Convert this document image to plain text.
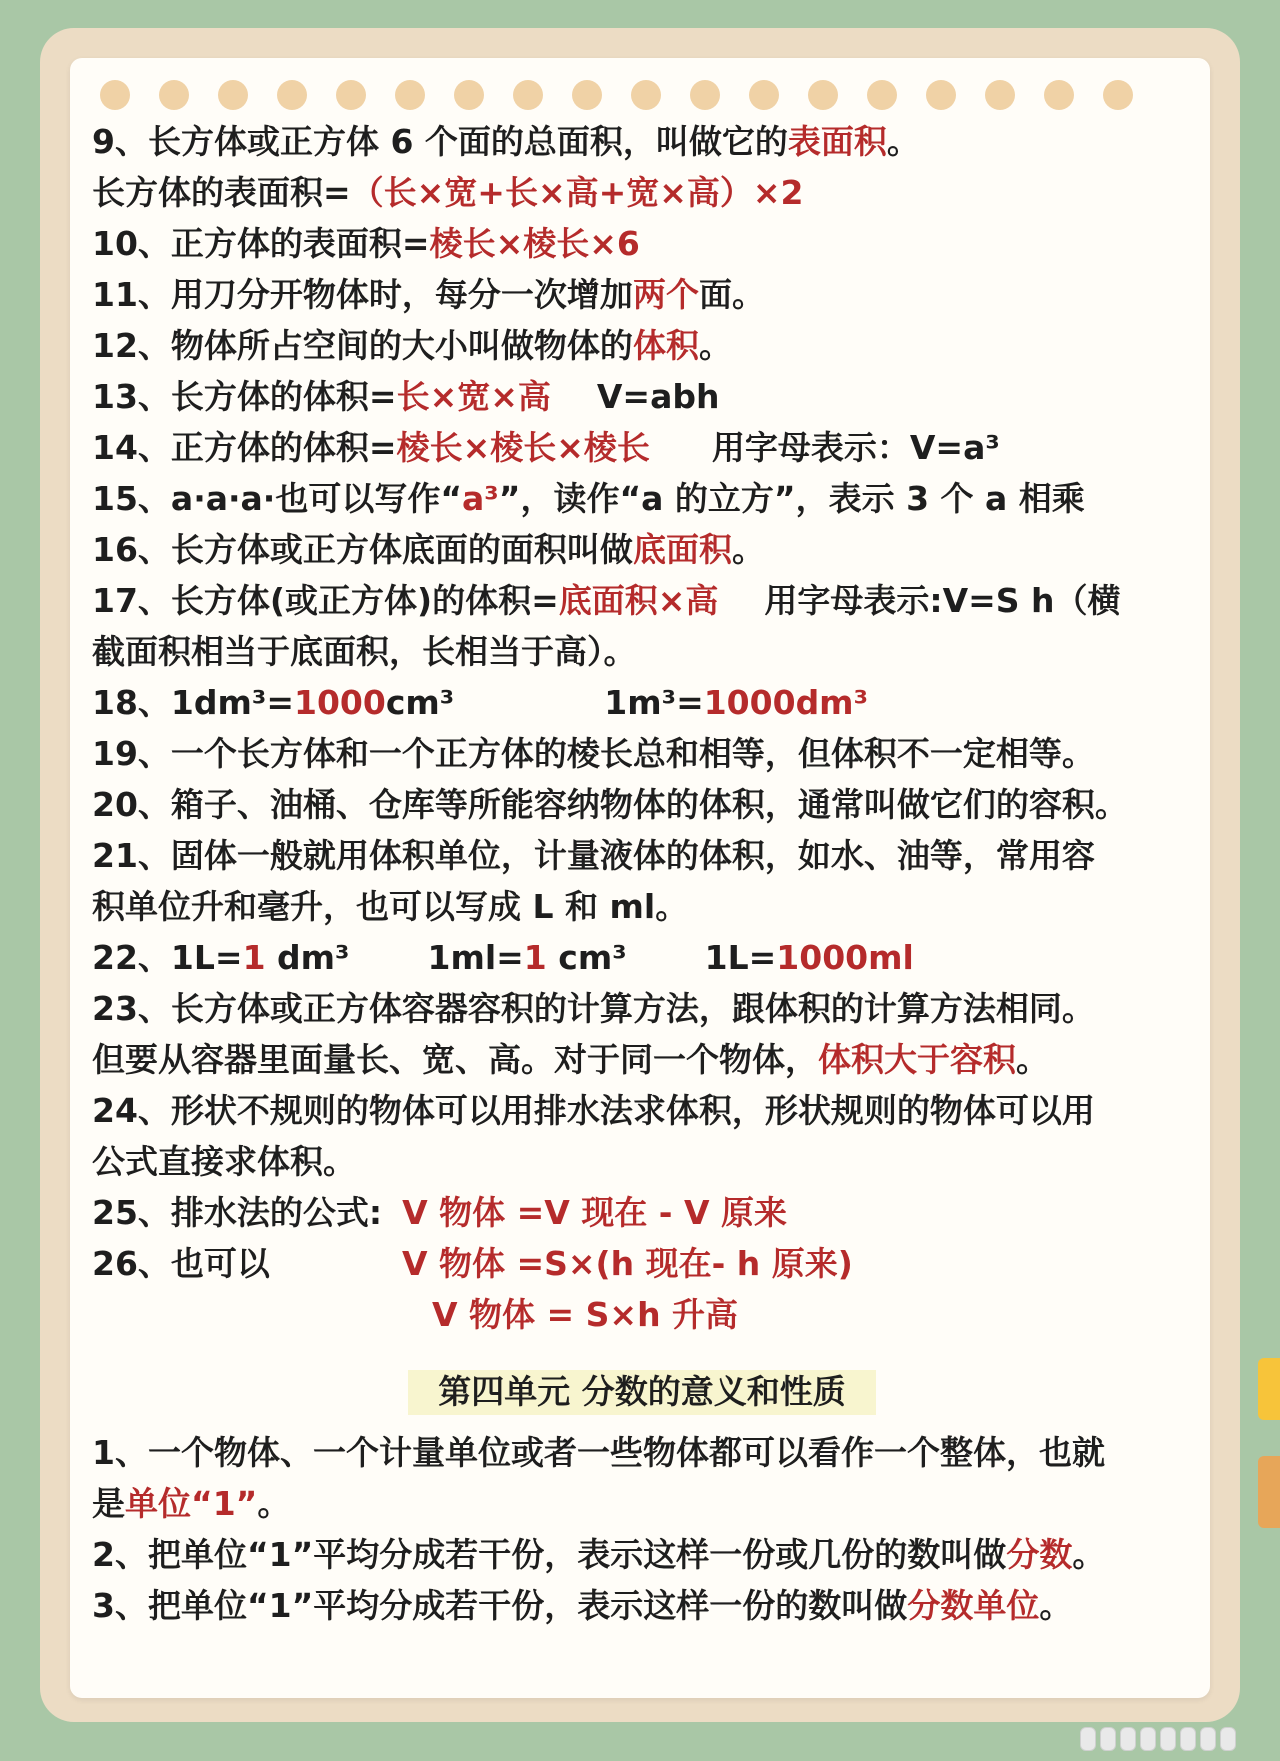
9、长方体或正方体 6 个面的总面积，叫做它的表面积。
长方体的表面积=（长×宽+长×高+宽×高）×2
10、正方体的表面积=棱长×棱长×6
11、用刀分开物体时，每分一次增加两个面。
12、物体所占空间的大小叫做物体的体积。
13、长方体的体积=长×宽×高 V=abh
14、正方体的体积=棱长×棱长×棱长 用字母表示：V=a³
15、a·a·a·也可以写作“a³”，读作“a 的立方”，表示 3 个 a 相乘
16、长方体或正方体底面的面积叫做底面积。
17、长方体(或正方体)的体积=底面积×高 用字母表示:V=S h（横
截面积相当于底面积，长相当于高）。
18、1dm³=1000cm³	1m³=1000dm³
19、一个长方体和一个正方体的棱长总和相等，但体积不一定相等。
20、箱子、油桶、仓库等所能容纳物体的体积，通常叫做它们的容积。
21、固体一般就用体积单位，计量液体的体积，如水、油等，常用容
积单位升和毫升，也可以写成 L 和 ml。
22、1L=1 dm³ 1ml=1 cm³ 1L=1000ml
23、长方体或正方体容器容积的计算方法，跟体积的计算方法相同。
但要从容器里面量长、宽、高。对于同一个物体，体积大于容积。
24、形状不规则的物体可以用排水法求体积，形状规则的物体可以用
公式直接求体积。
25、排水法的公式: V 物体 =V 现在 - V 原来
26、也可以	V 物体 =S×(h 现在- h 原来)
V 物体 = S×h 升高
第四单元 分数的意义和性质
1、一个物体、一个计量单位或者一些物体都可以看作一个整体，也就
是单位“1”。
2、把单位“1”平均分成若干份，表示这样一份或几份的数叫做分数。
3、把单位“1”平均分成若干份，表示这样一份的数叫做分数单位。
